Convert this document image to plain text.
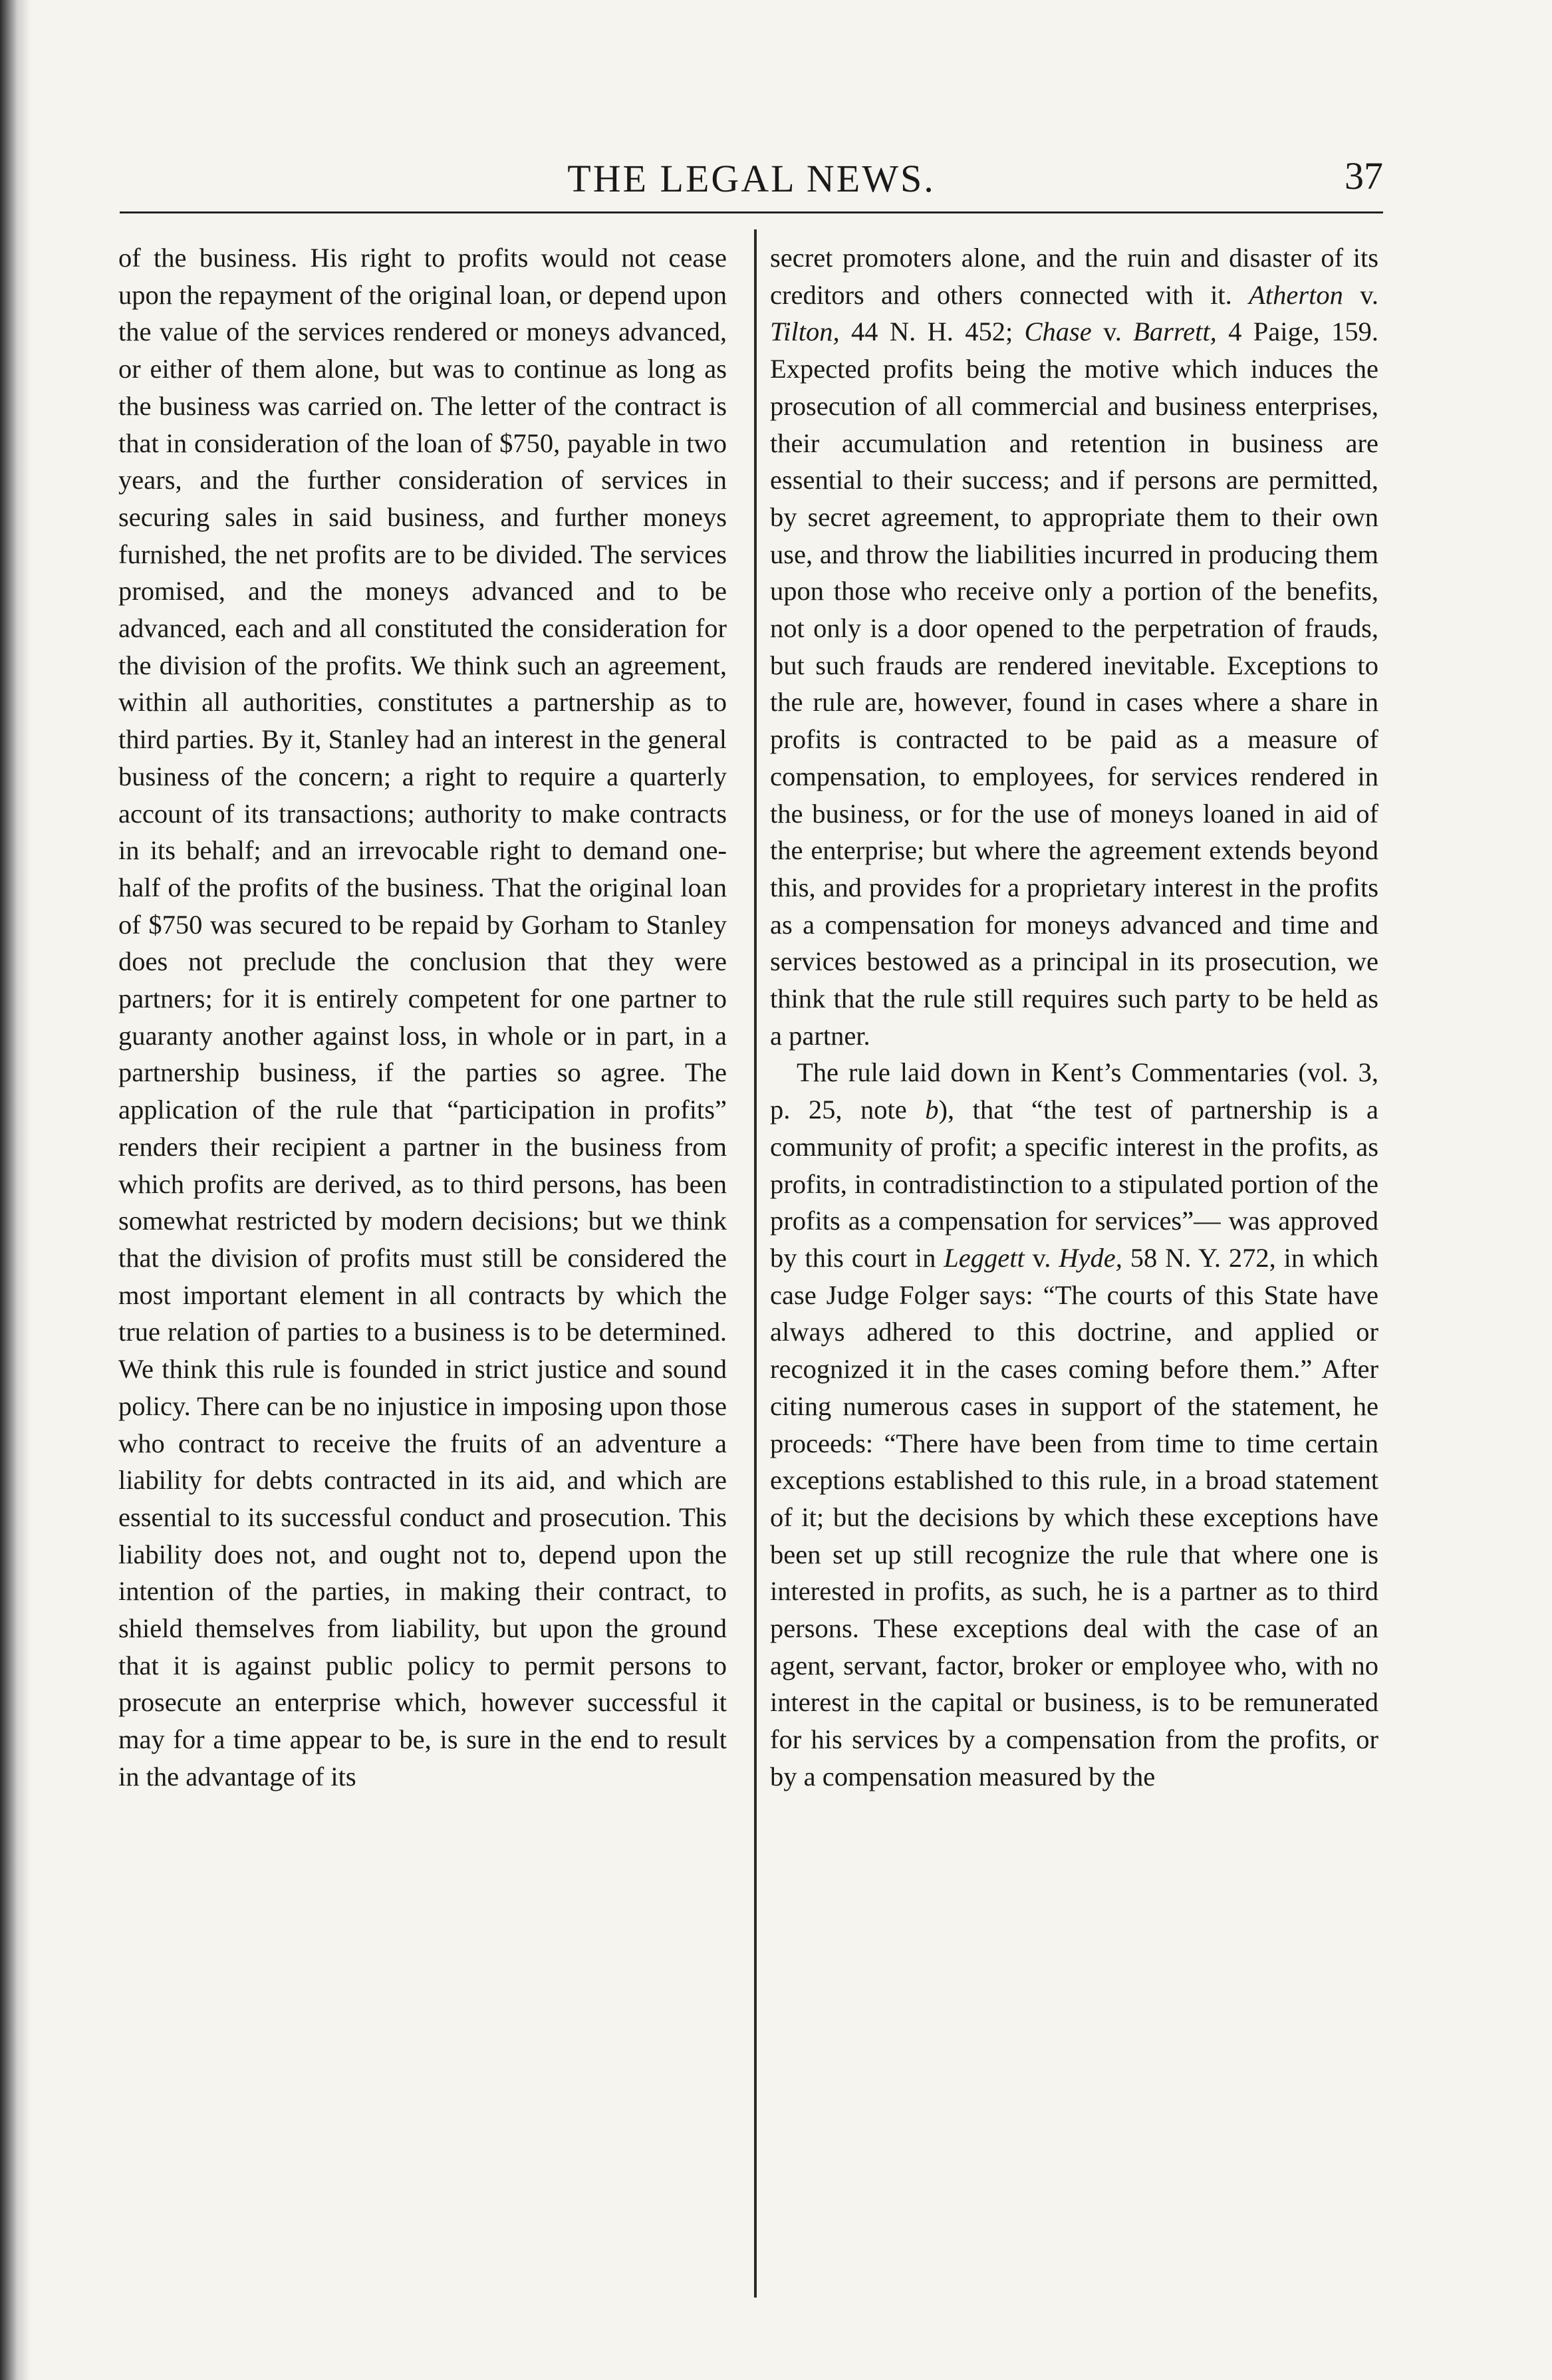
THE LEGAL NEWS.	37

of the business. His right to profits would not cease upon the repayment of the original loan, or depend upon the value of the services rendered or moneys advanced, or either of them alone, but was to continue as long as the business was carried on. The letter of the contract is that in consideration of the loan of $750, payable in two years, and the further consideration of services in securing sales in said business, and further moneys furnished, the net profits are to be divided. The services promised, and the moneys advanced and to be advanced, each and all constituted the consideration for the division of the profits. We think such an agreement, within all authorities, constitutes a partnership as to third parties. By it, Stanley had an interest in the general business of the concern; a right to require a quarterly account of its transactions; authority to make contracts in its behalf; and an irrevocable right to demand one-half of the profits of the business. That the original loan of $750 was secured to be repaid by Gorham to Stanley does not preclude the conclusion that they were partners; for it is entirely competent for one partner to guaranty another against loss, in whole or in part, in a partnership business, if the parties so agree. The application of the rule that “participation in profits” renders their recipient a partner in the business from which profits are derived, as to third persons, has been somewhat restricted by modern decisions; but we think that the division of profits must still be considered the most important element in all contracts by which the true relation of parties to a business is to be determined. We think this rule is founded in strict justice and sound policy. There can be no injustice in imposing upon those who contract to receive the fruits of an adventure a liability for debts contracted in its aid, and which are essential to its successful conduct and prosecution. This liability does not, and ought not to, depend upon the intention of the parties, in making their contract, to shield themselves from liability, but upon the ground that it is against public policy to permit persons to prosecute an enterprise which, however successful it may for a time appear to be, is sure in the end to result in the advantage of its

secret promoters alone, and the ruin and disaster of its creditors and others connected with it. Atherton v. Tilton, 44 N. H. 452; Chase v. Barrett, 4 Paige, 159. Expected profits being the motive which induces the prosecution of all commercial and business enterprises, their accumulation and retention in business are essential to their success; and if persons are permitted, by secret agreement, to appropriate them to their own use, and throw the liabilities incurred in producing them upon those who receive only a portion of the benefits, not only is a door opened to the perpetration of frauds, but such frauds are rendered inevitable. Exceptions to the rule are, however, found in cases where a share in profits is contracted to be paid as a measure of compensation, to employees, for services rendered in the business, or for the use of moneys loaned in aid of the enterprise; but where the agreement extends beyond this, and provides for a proprietary interest in the profits as a compensation for moneys advanced and time and services bestowed as a principal in its prosecution, we think that the rule still requires such party to be held as a partner.

The rule laid down in Kent’s Commentaries (vol. 3, p. 25, note b), that “the test of partnership is a community of profit; a specific interest in the profits, as profits, in contradistinction to a stipulated portion of the profits as a compensation for services”— was approved by this court in Leggett v. Hyde, 58 N. Y. 272, in which case Judge Folger says: “The courts of this State have always adhered to this doctrine, and applied or recognized it in the cases coming before them.” After citing numerous cases in support of the statement, he proceeds: “There have been from time to time certain exceptions established to this rule, in a broad statement of it; but the decisions by which these exceptions have been set up still recognize the rule that where one is interested in profits, as such, he is a partner as to third persons. These exceptions deal with the case of an agent, servant, factor, broker or employee who, with no interest in the capital or business, is to be remunerated for his services by a compensation from the profits, or by a compensation measured by the
